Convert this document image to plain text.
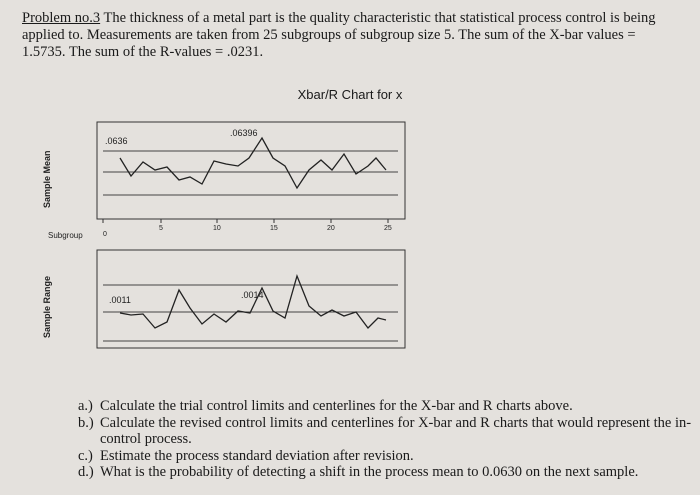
Problem no.3 The thickness of a metal part is the quality characteristic that statistical process control is being applied to. Measurements are taken from 25 subgroups of subgroup size 5. The sum of the X-bar values = 1.5735. The sum of the R-values = .0231.
Xbar/R Chart for x
.0636
.06396
Sample Mean
Subgroup	0
5	10	15	20	25
.0011	.0014
Sample Range
a.) Calculate the trial control limits and centerlines for the X-bar and R charts above.
b.) Calculate the revised control limits and centerlines for X-bar and R charts that would represent the in-control process.
c.) Estimate the process standard deviation after revision.
d.) What is the probability of detecting a shift in the process mean to 0.0630 on the next sample.
